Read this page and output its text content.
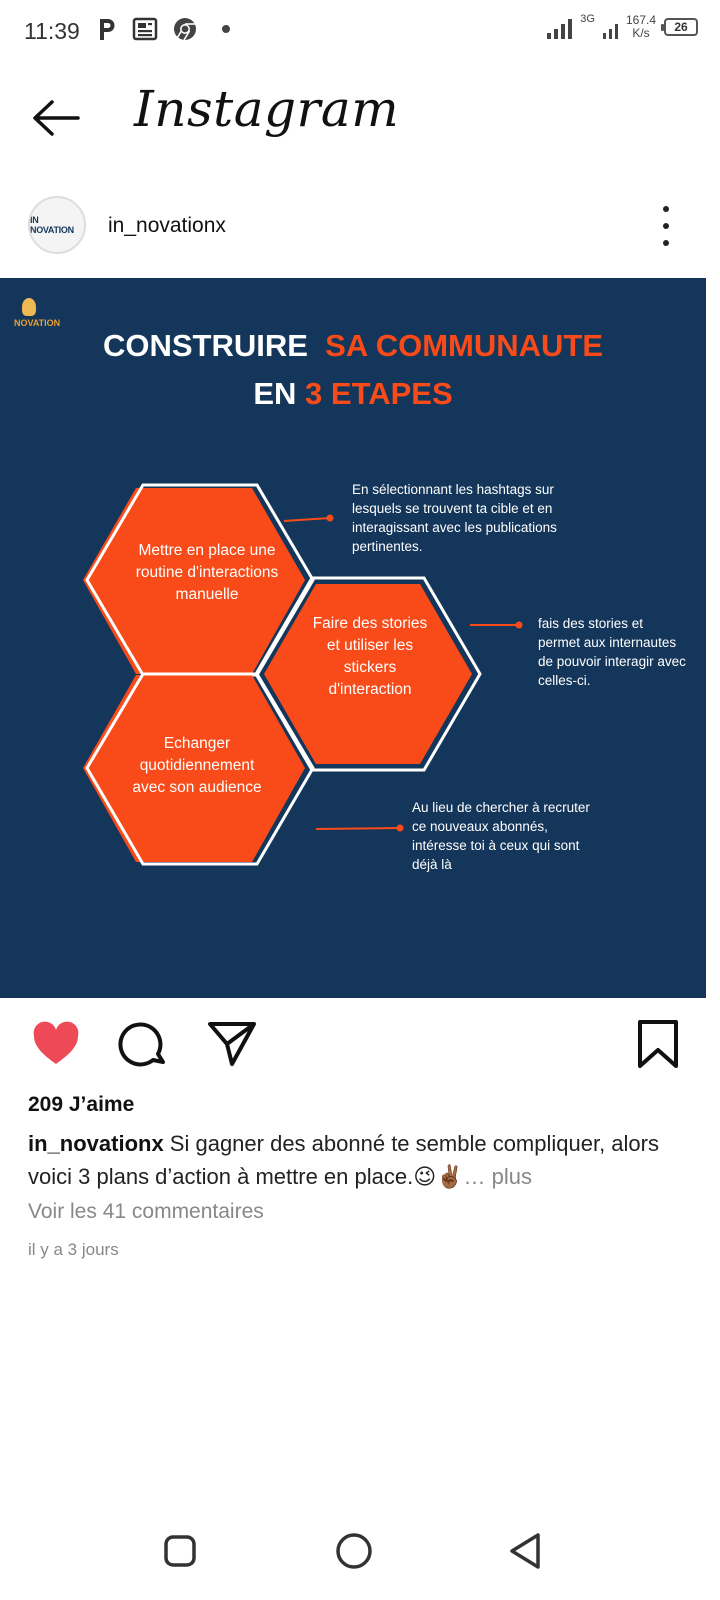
11:39	3G	167.4
K/s	26
Instagram
IN NOVATION	in_novationx
NOVATION
CONSTRUIRE SA COMMUNAUTE
EN 3 ETAPES
Mettre en place une routine d'interactions manuelle
Faire des stories et utiliser les stickers d'interaction
Echanger quotidiennement avec son audience
En sélectionnant les hashtags sur lesquels se trouvent ta cible et en interagissant avec les publications pertinentes.
fais des stories et permet aux internautes de pouvoir interagir avec celles-ci.
Au lieu de chercher à recruter ce nouveaux abonnés, intéresse toi à ceux qui sont déjà là
209 J’aime
in_novationx Si gagner des abonné te semble compliquer, alors voici 3 plans d’action à mettre en place.😉✌🏾… plus
Voir les 41 commentaires
il y a 3 jours
